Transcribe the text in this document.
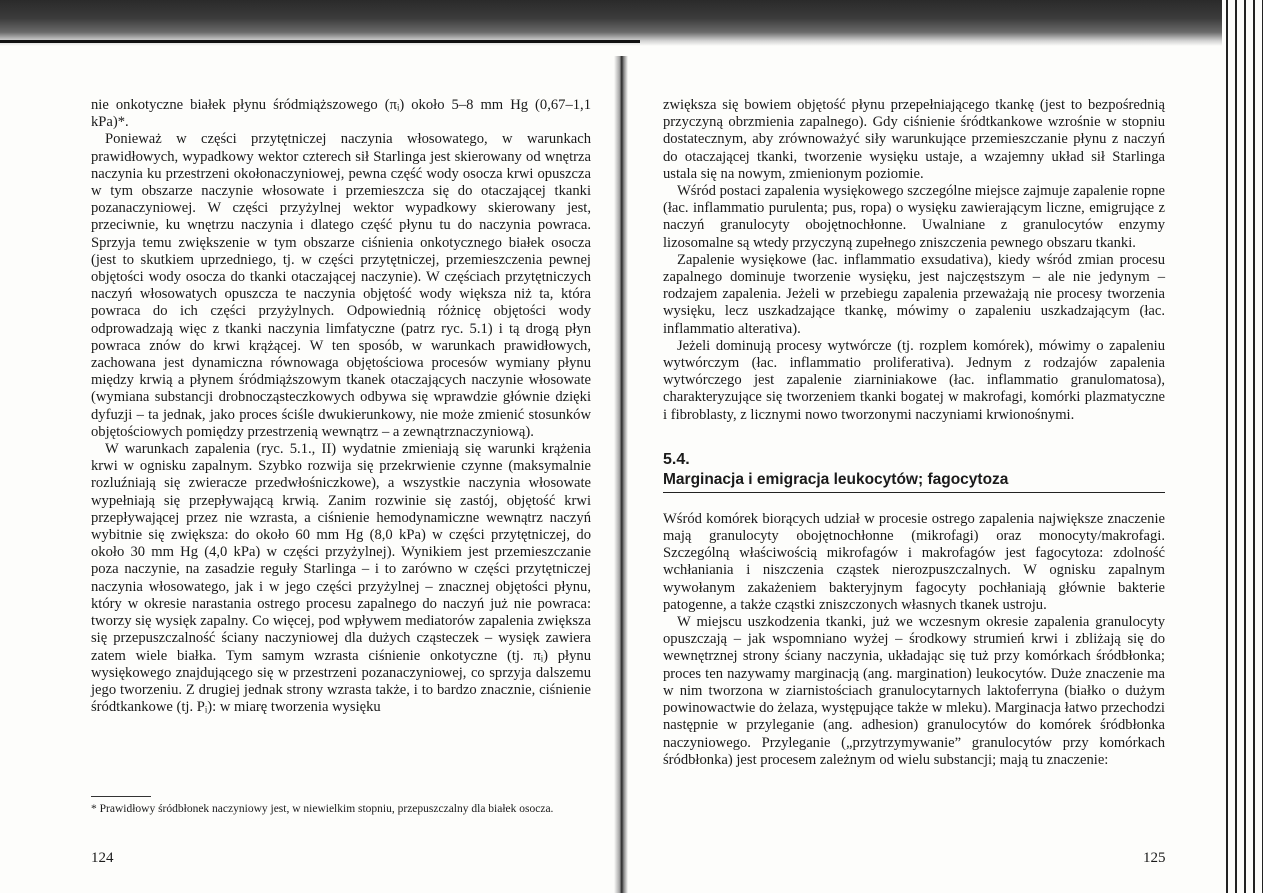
nie onkotyczne białek płynu śródmiąższowego (πᵢ) około 5–8 mm Hg (0,67–1,1 kPa)*.

Ponieważ w części przytętniczej naczynia włosowatego, w warunkach prawidłowych, wypadkowy wektor czterech sił Starlinga jest skierowany od wnętrza naczynia ku przestrzeni okołonaczyniowej, pewna część wody osocza krwi opuszcza w tym obszarze naczynie włosowate i przemieszcza się do otaczającej tkanki pozanaczyniowej. W części przyżylnej wektor wypadkowy skierowany jest, przeciwnie, ku wnętrzu naczynia i dlatego część płynu tu do naczynia powraca. Sprzyja temu zwiększenie w tym obszarze ciśnienia onkotycznego białek osocza (jest to skutkiem uprzedniego, tj. w części przytętniczej, przemieszczenia pewnej objętości wody osocza do tkanki otaczającej naczynie). W częściach przytętniczych naczyń włosowatych opuszcza te naczynia objętość wody większa niż ta, która powraca do ich części przyżylnych. Odpowiednią różnicę objętości wody odprowadzają więc z tkanki naczynia limfatyczne (patrz ryc. 5.1) i tą drogą płyn powraca znów do krwi krążącej. W ten sposób, w warunkach prawidłowych, zachowana jest dynamiczna równowaga objętościowa procesów wymiany płynu między krwią a płynem śródmiąższowym tkanek otaczających naczynie włosowate (wymiana substancji drobnocząsteczkowych odbywa się wprawdzie głównie dzięki dyfuzji – ta jednak, jako proces ściśle dwukierunkowy, nie może zmienić stosunków objętościowych pomiędzy przestrzenią wewnątrz – a zewnątrznaczyniową).

W warunkach zapalenia (ryc. 5.1., II) wydatnie zmieniają się warunki krążenia krwi w ognisku zapalnym. Szybko rozwija się przekrwienie czynne (maksymalnie rozluźniają się zwieracze przedwłośniczkowe), a wszystkie naczynia włosowate wypełniają się przepływającą krwią. Zanim rozwinie się zastój, objętość krwi przepływającej przez nie wzrasta, a ciśnienie hemodynamiczne wewnątrz naczyń wybitnie się zwiększa: do około 60 mm Hg (8,0 kPa) w części przytętniczej, do około 30 mm Hg (4,0 kPa) w części przyżylnej). Wynikiem jest przemieszczanie poza naczynie, na zasadzie reguły Starlinga – i to zarówno w części przytętniczej naczynia włosowatego, jak i w jego części przyżylnej – znacznej objętości płynu, który w okresie narastania ostrego procesu zapalnego do naczyń już nie powraca: tworzy się wysięk zapalny. Co więcej, pod wpływem mediatorów zapalenia zwiększa się przepuszczalność ściany naczyniowej dla dużych cząsteczek – wysięk zawiera zatem wiele białka. Tym samym wzrasta ciśnienie onkotyczne (tj. πᵢ) płynu wysiękowego znajdującego się w przestrzeni pozanaczyniowej, co sprzyja dalszemu jego tworzeniu. Z drugiej jednak strony wzrasta także, i to bardzo znacznie, ciśnienie śródtkankowe (tj. Pᵢ): w miarę tworzenia wysięku

* Prawidłowy śródbłonek naczyniowy jest, w niewielkim stopniu, przepuszczalny dla białek osocza.
124

zwiększa się bowiem objętość płynu przepełniającego tkankę (jest to bezpośrednią przyczyną obrzmienia zapalnego). Gdy ciśnienie śródtkankowe wzrośnie w stopniu dostatecznym, aby zrównoważyć siły warunkujące przemieszczanie płynu z naczyń do otaczającej tkanki, tworzenie wysięku ustaje, a wzajemny układ sił Starlinga ustala się na nowym, zmienionym poziomie.

Wśród postaci zapalenia wysiękowego szczególne miejsce zajmuje zapalenie ropne (łac. inflammatio purulenta; pus, ropa) o wysięku zawierającym liczne, emigrujące z naczyń granulocyty obojętnochłonne. Uwalniane z granulocytów enzymy lizosomalne są wtedy przyczyną zupełnego zniszczenia pewnego obszaru tkanki.

Zapalenie wysiękowe (łac. inflammatio exsudativa), kiedy wśród zmian procesu zapalnego dominuje tworzenie wysięku, jest najczęstszym – ale nie jedynym – rodzajem zapalenia. Jeżeli w przebiegu zapalenia przeważają nie procesy tworzenia wysięku, lecz uszkadzające tkankę, mówimy o zapaleniu uszkadzającym (łac. inflammatio alterativa).

Jeżeli dominują procesy wytwórcze (tj. rozplem komórek), mówimy o zapaleniu wytwórczym (łac. inflammatio proliferativa). Jednym z rodzajów zapalenia wytwórczego jest zapalenie ziarniniakowe (łac. inflammatio granulomatosa), charakteryzujące się tworzeniem tkanki bogatej w makrofagi, komórki plazmatyczne i fibroblasty, z licznymi nowo tworzonymi naczyniami krwionośnymi.

5.4.
Marginacja i emigracja leukocytów; fagocytoza

Wśród komórek biorących udział w procesie ostrego zapalenia największe znaczenie mają granulocyty obojętnochłonne (mikrofagi) oraz monocyty/makrofagi. Szczególną właściwością mikrofagów i makrofagów jest fagocytoza: zdolność wchłaniania i niszczenia cząstek nierozpuszczalnych. W ognisku zapalnym wywołanym zakażeniem bakteryjnym fagocyty pochłaniają głównie bakterie patogenne, a także cząstki zniszczonych własnych tkanek ustroju.

W miejscu uszkodzenia tkanki, już we wczesnym okresie zapalenia granulocyty opuszczają – jak wspomniano wyżej – środkowy strumień krwi i zbliżają się do wewnętrznej strony ściany naczynia, układając się tuż przy komórkach śródbłonka; proces ten nazywamy marginacją (ang. margination) leukocytów. Duże znaczenie ma w nim tworzona w ziarnistościach granulocytarnych laktoferryna (białko o dużym powinowactwie do żelaza, występujące także w mleku). Marginacja łatwo przechodzi następnie w przyleganie (ang. adhesion) granulocytów do komórek śródbłonka naczyniowego. Przyleganie („przytrzymywanie” granulocytów przy komórkach śródbłonka) jest procesem zależnym od wielu substancji; mają tu znaczenie:

125
